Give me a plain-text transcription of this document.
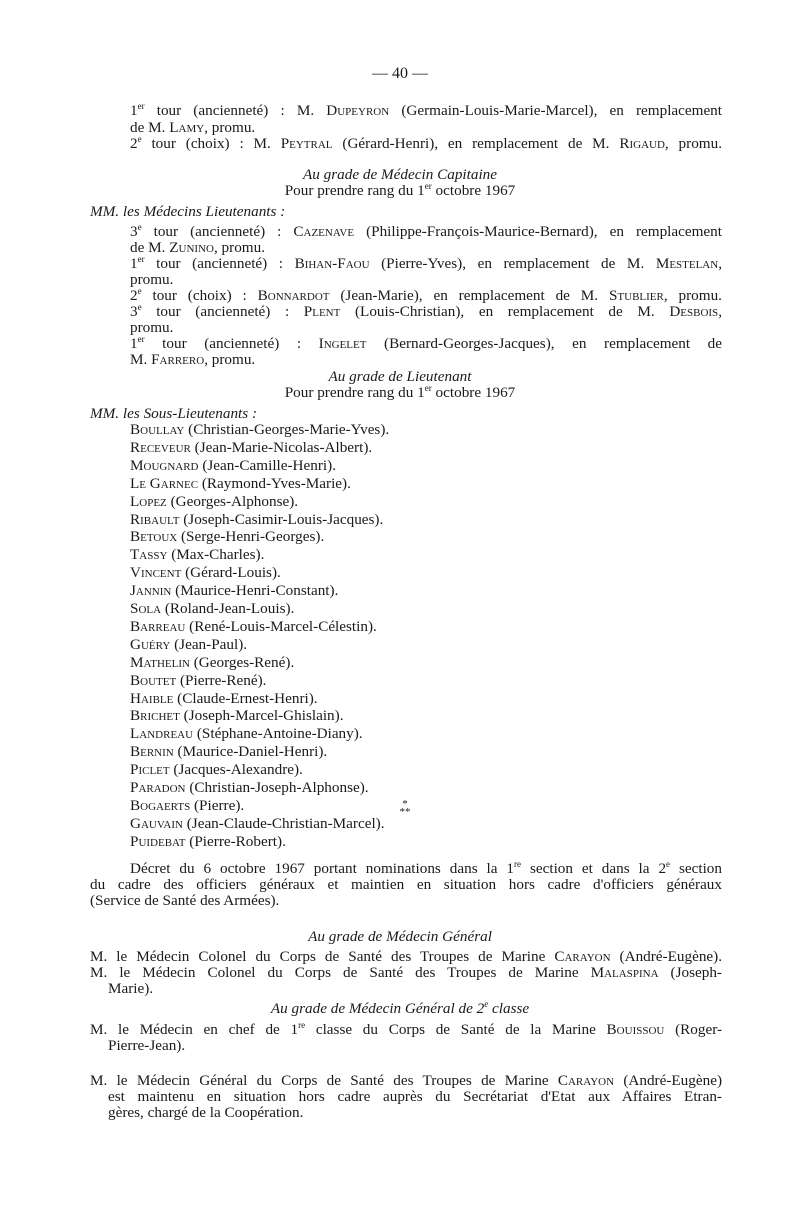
— 40 —
1er tour (ancienneté) : M. Dupeyron (Germain-Louis-Marie-Marcel), en remplacement
de M. Lamy, promu.
2e tour (choix) : M. Peytral (Gérard-Henri), en remplacement de M. Rigaud, promu.
Au grade de Médecin Capitaine
Pour prendre rang du 1er octobre 1967
MM. les Médecins Lieutenants :
3e tour (ancienneté) : Cazenave (Philippe-François-Maurice-Bernard), en remplacement
de M. Zunino, promu.
1er tour (ancienneté) : Bihan-Faou (Pierre-Yves), en remplacement de M. Mestelan,
promu.
2e tour (choix) : Bonnardot (Jean-Marie), en remplacement de M. Stublier, promu.
3e tour (ancienneté) : Plent (Louis-Christian), en remplacement de M. Desbois,
promu.
1er tour (ancienneté) : Ingelet (Bernard-Georges-Jacques), en remplacement de
M. Farrero, promu.
Au grade de Lieutenant
Pour prendre rang du 1er octobre 1967
MM. les Sous-Lieutenants :
Boullay (Christian-Georges-Marie-Yves).
Receveur (Jean-Marie-Nicolas-Albert).
Mougnard (Jean-Camille-Henri).
Le Garnec (Raymond-Yves-Marie).
Lopez (Georges-Alphonse).
Ribault (Joseph-Casimir-Louis-Jacques).
Betoux (Serge-Henri-Georges).
Tassy (Max-Charles).
Vincent (Gérard-Louis).
Jannin (Maurice-Henri-Constant).
Sola (Roland-Jean-Louis).
Barreau (René-Louis-Marcel-Célestin).
Guéry (Jean-Paul).
Mathelin (Georges-René).
Boutet (Pierre-René).
Haible (Claude-Ernest-Henri).
Brichet (Joseph-Marcel-Ghislain).
Landreau (Stéphane-Antoine-Diany).
Bernin (Maurice-Daniel-Henri).
Piclet (Jacques-Alexandre).
Paradon (Christian-Joseph-Alphonse).
Bogaerts (Pierre).
Gauvain (Jean-Claude-Christian-Marcel).
Puidebat (Pierre-Robert).
*
**
Décret du 6 octobre 1967 portant nominations dans la 1re section et dans la 2e section
du cadre des officiers généraux et maintien en situation hors cadre d'officiers généraux
(Service de Santé des Armées).
Au grade de Médecin Général
M. le Médecin Colonel du Corps de Santé des Troupes de Marine Carayon (André-Eugène).
M. le Médecin Colonel du Corps de Santé des Troupes de Marine Malaspina (Joseph-
Marie).
Au grade de Médecin Général de 2e classe
M. le Médecin en chef de 1re classe du Corps de Santé de la Marine Bouissou (Roger-
Pierre-Jean).
M. le Médecin Général du Corps de Santé des Troupes de Marine Carayon (André-Eugène)
est maintenu en situation hors cadre auprès du Secrétariat d'Etat aux Affaires Etran-
gères, chargé de la Coopération.
